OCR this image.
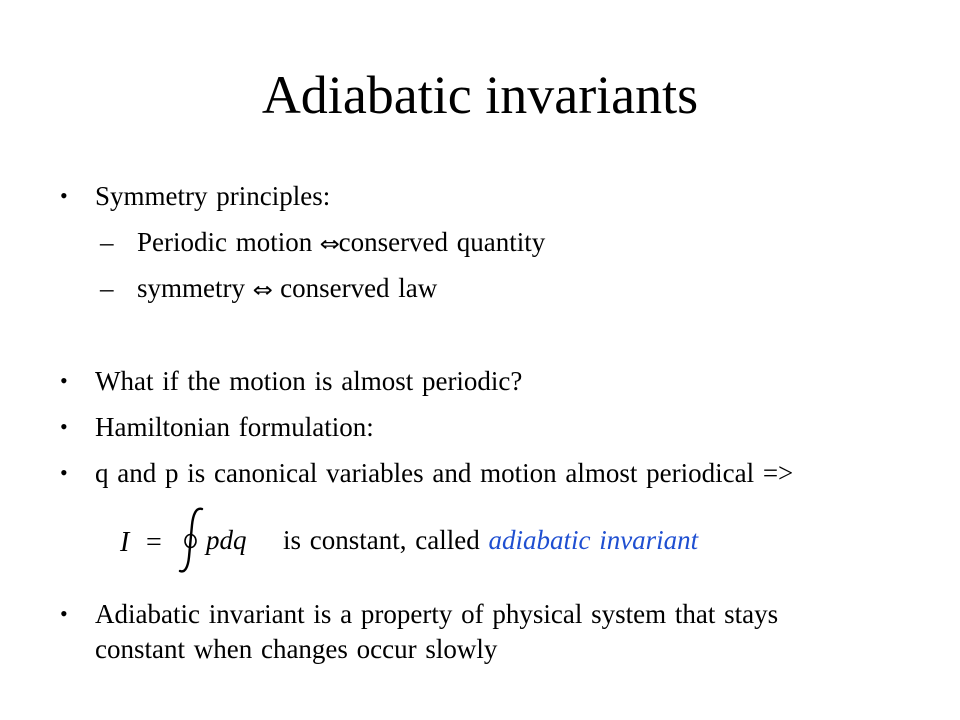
Adiabatic invariants
• Symmetry principles:
– Periodic motion ⇔conserved quantity
– symmetry ⇔ conserved law
• What if the motion is almost periodic?
• Hamiltonian formulation:
• q and p is canonical variables and motion almost periodical =>
I = pdq is constant, called adiabatic invariant
• Adiabatic invariant is a property of physical system that stays
constant when changes occur slowly
